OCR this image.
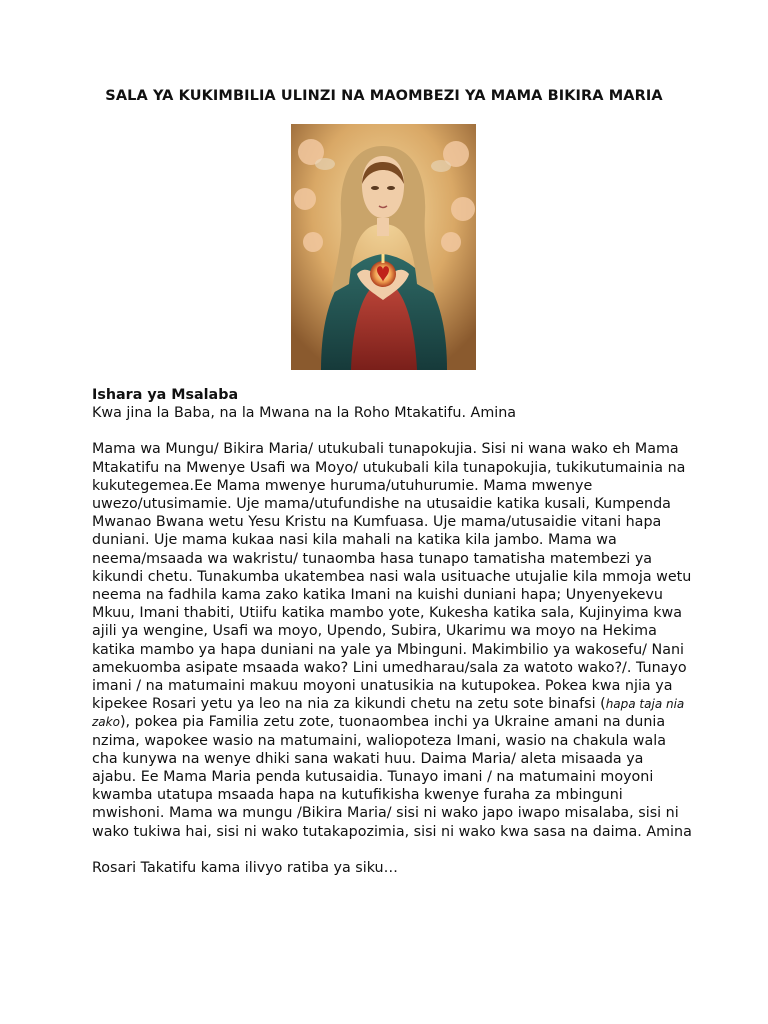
SALA YA KUKIMBILIA ULINZI NA MAOMBEZI YA MAMA BIKIRA MARIA

Ishara ya Msalaba

Kwa jina la Baba, na la Mwana na la Roho Mtakatifu. Amina

Mama wa Mungu/ Bikira Maria/ utukubali tunapokujia. Sisi ni wana wako eh Mama Mtakatifu na Mwenye Usafi wa Moyo/ utukubali kila tunapokujia, tukikutumainia na kukutegemea.Ee Mama mwenye huruma/utuhurumie. Mama mwenye uwezo/utusimamie. Uje mama/utufundishe na utusaidie katika kusali, Kumpenda Mwanao Bwana wetu Yesu Kristu na Kumfuasa. Uje mama/utusaidie vitani hapa duniani. Uje mama kukaa nasi kila mahali na katika kila jambo. Mama wa neema/msaada wa wakristu/ tunaomba hasa tunapo tamatisha matembezi ya kikundi chetu. Tunakumba ukatembea nasi wala usituache utujalie kila mmoja wetu neema na fadhila kama zako katika Imani na kuishi duniani hapa; Unyenyekevu Mkuu, Imani thabiti, Utiifu katika mambo yote, Kukesha katika sala, Kujinyima kwa ajili ya wengine, Usafi wa moyo, Upendo, Subira, Ukarimu wa moyo na Hekima katika mambo ya hapa duniani na yale ya Mbinguni. Makimbilio ya wakosefu/ Nani amekuomba asipate msaada wako? Lini umedharau/sala za watoto wako?/. Tunayo imani / na matumaini makuu moyoni unatusikia na kutupokea. Pokea kwa njia ya kipekee Rosari yetu ya leo na nia za kikundi chetu na zetu sote binafsi (hapa taja nia zako), pokea pia Familia zetu zote, tuonaombea inchi ya Ukraine amani na dunia nzima, wapokee wasio na matumaini, waliopoteza Imani, wasio na chakula wala cha kunywa na wenye dhiki sana wakati huu. Daima Maria/ aleta misaada ya ajabu. Ee Mama Maria penda kutusaidia. Tunayo imani / na matumaini moyoni kwamba utatupa msaada hapa na kutufikisha kwenye furaha za mbinguni mwishoni. Mama wa mungu /Bikira Maria/ sisi ni wako japo iwapo misalaba, sisi ni wako tukiwa hai, sisi ni wako tutakapozimia, sisi ni wako kwa sasa na daima. Amina

Rosari Takatifu kama ilivyo ratiba ya siku…
